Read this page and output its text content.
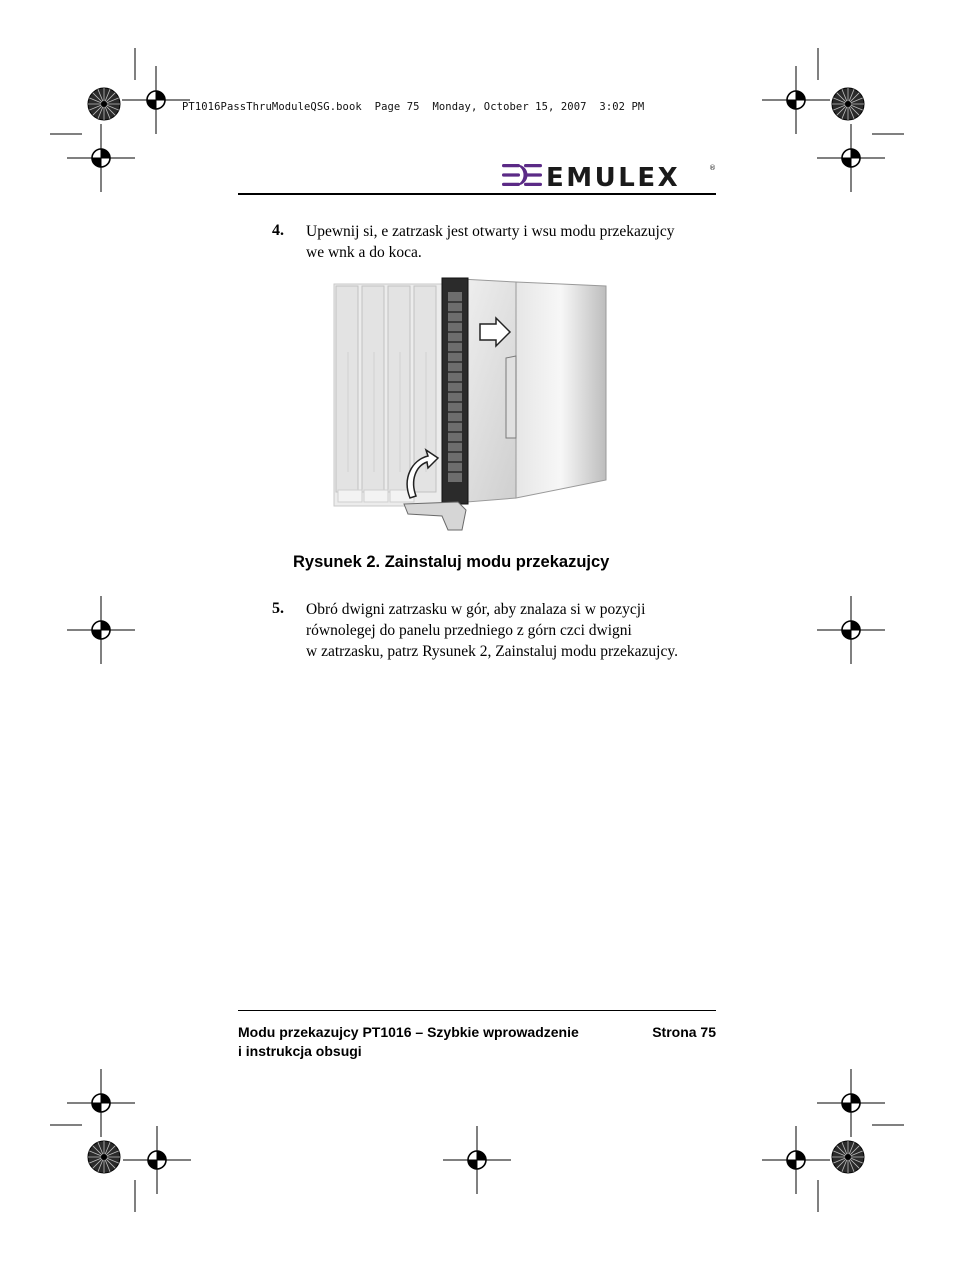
PT1016PassThruModuleQSG.book  Page 75  Monday, October 15, 2007  3:02 PM
EMULEX	®
4. Upewnij si, e zatrzask jest otwarty i wsu modu przekazujcy
we wnk a do koca.
Rysunek 2. Zainstaluj modu przekazujcy
5. Obró dwigni zatrzasku w gór, aby znalaza si w pozycji
równolegej do panelu przedniego z górn czci dwigni
w zatrzasku, patrz Rysunek 2, Zainstaluj modu przekazujcy.
Modu przekazujcy PT1016 – Szybkie wprowadzenie
i instrukcja obsugi
Strona 75
